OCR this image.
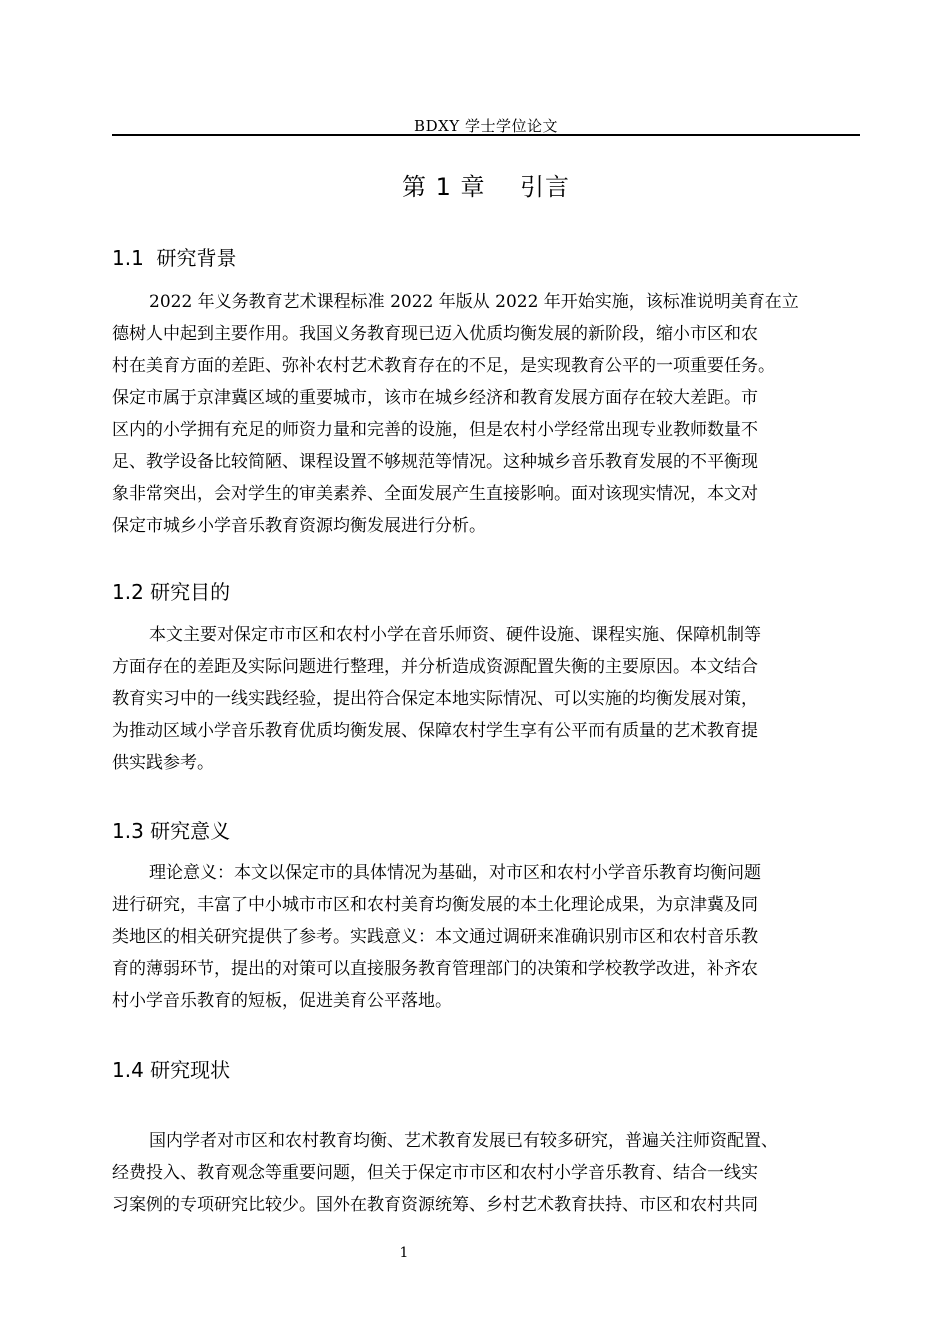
BDXY 学士学位论文
第 1 章    引言
1.1  研究背景
2022 年义务教育艺术课程标准 2022 年版从 2022 年开始实施，该标准说明美育在立
德树人中起到主要作用。我国义务教育现已迈入优质均衡发展的新阶段，缩小市区和农
村在美育方面的差距、弥补农村艺术教育存在的不足，是实现教育公平的一项重要任务。
保定市属于京津冀区域的重要城市，该市在城乡经济和教育发展方面存在较大差距。市
区内的小学拥有充足的师资力量和完善的设施，但是农村小学经常出现专业教师数量不
足、教学设备比较简陋、课程设置不够规范等情况。这种城乡音乐教育发展的不平衡现
象非常突出，会对学生的审美素养、全面发展产生直接影响。面对该现实情况，本文对
保定市城乡小学音乐教育资源均衡发展进行分析。
1.2 研究目的
本文主要对保定市市区和农村小学在音乐师资、硬件设施、课程实施、保障机制等
方面存在的差距及实际问题进行整理，并分析造成资源配置失衡的主要原因。本文结合
教育实习中的一线实践经验，提出符合保定本地实际情况、可以实施的均衡发展对策，
为推动区域小学音乐教育优质均衡发展、保障农村学生享有公平而有质量的艺术教育提
供实践参考。
1.3 研究意义
理论意义：本文以保定市的具体情况为基础，对市区和农村小学音乐教育均衡问题
进行研究，丰富了中小城市市区和农村美育均衡发展的本土化理论成果，为京津冀及同
类地区的相关研究提供了参考。实践意义：本文通过调研来准确识别市区和农村音乐教
育的薄弱环节，提出的对策可以直接服务教育管理部门的决策和学校教学改进，补齐农
村小学音乐教育的短板，促进美育公平落地。
1.4 研究现状
国内学者对市区和农村教育均衡、艺术教育发展已有较多研究，普遍关注师资配置、
经费投入、教育观念等重要问题，但关于保定市市区和农村小学音乐教育、结合一线实
习案例的专项研究比较少。国外在教育资源统筹、乡村艺术教育扶持、市区和农村共同
1
